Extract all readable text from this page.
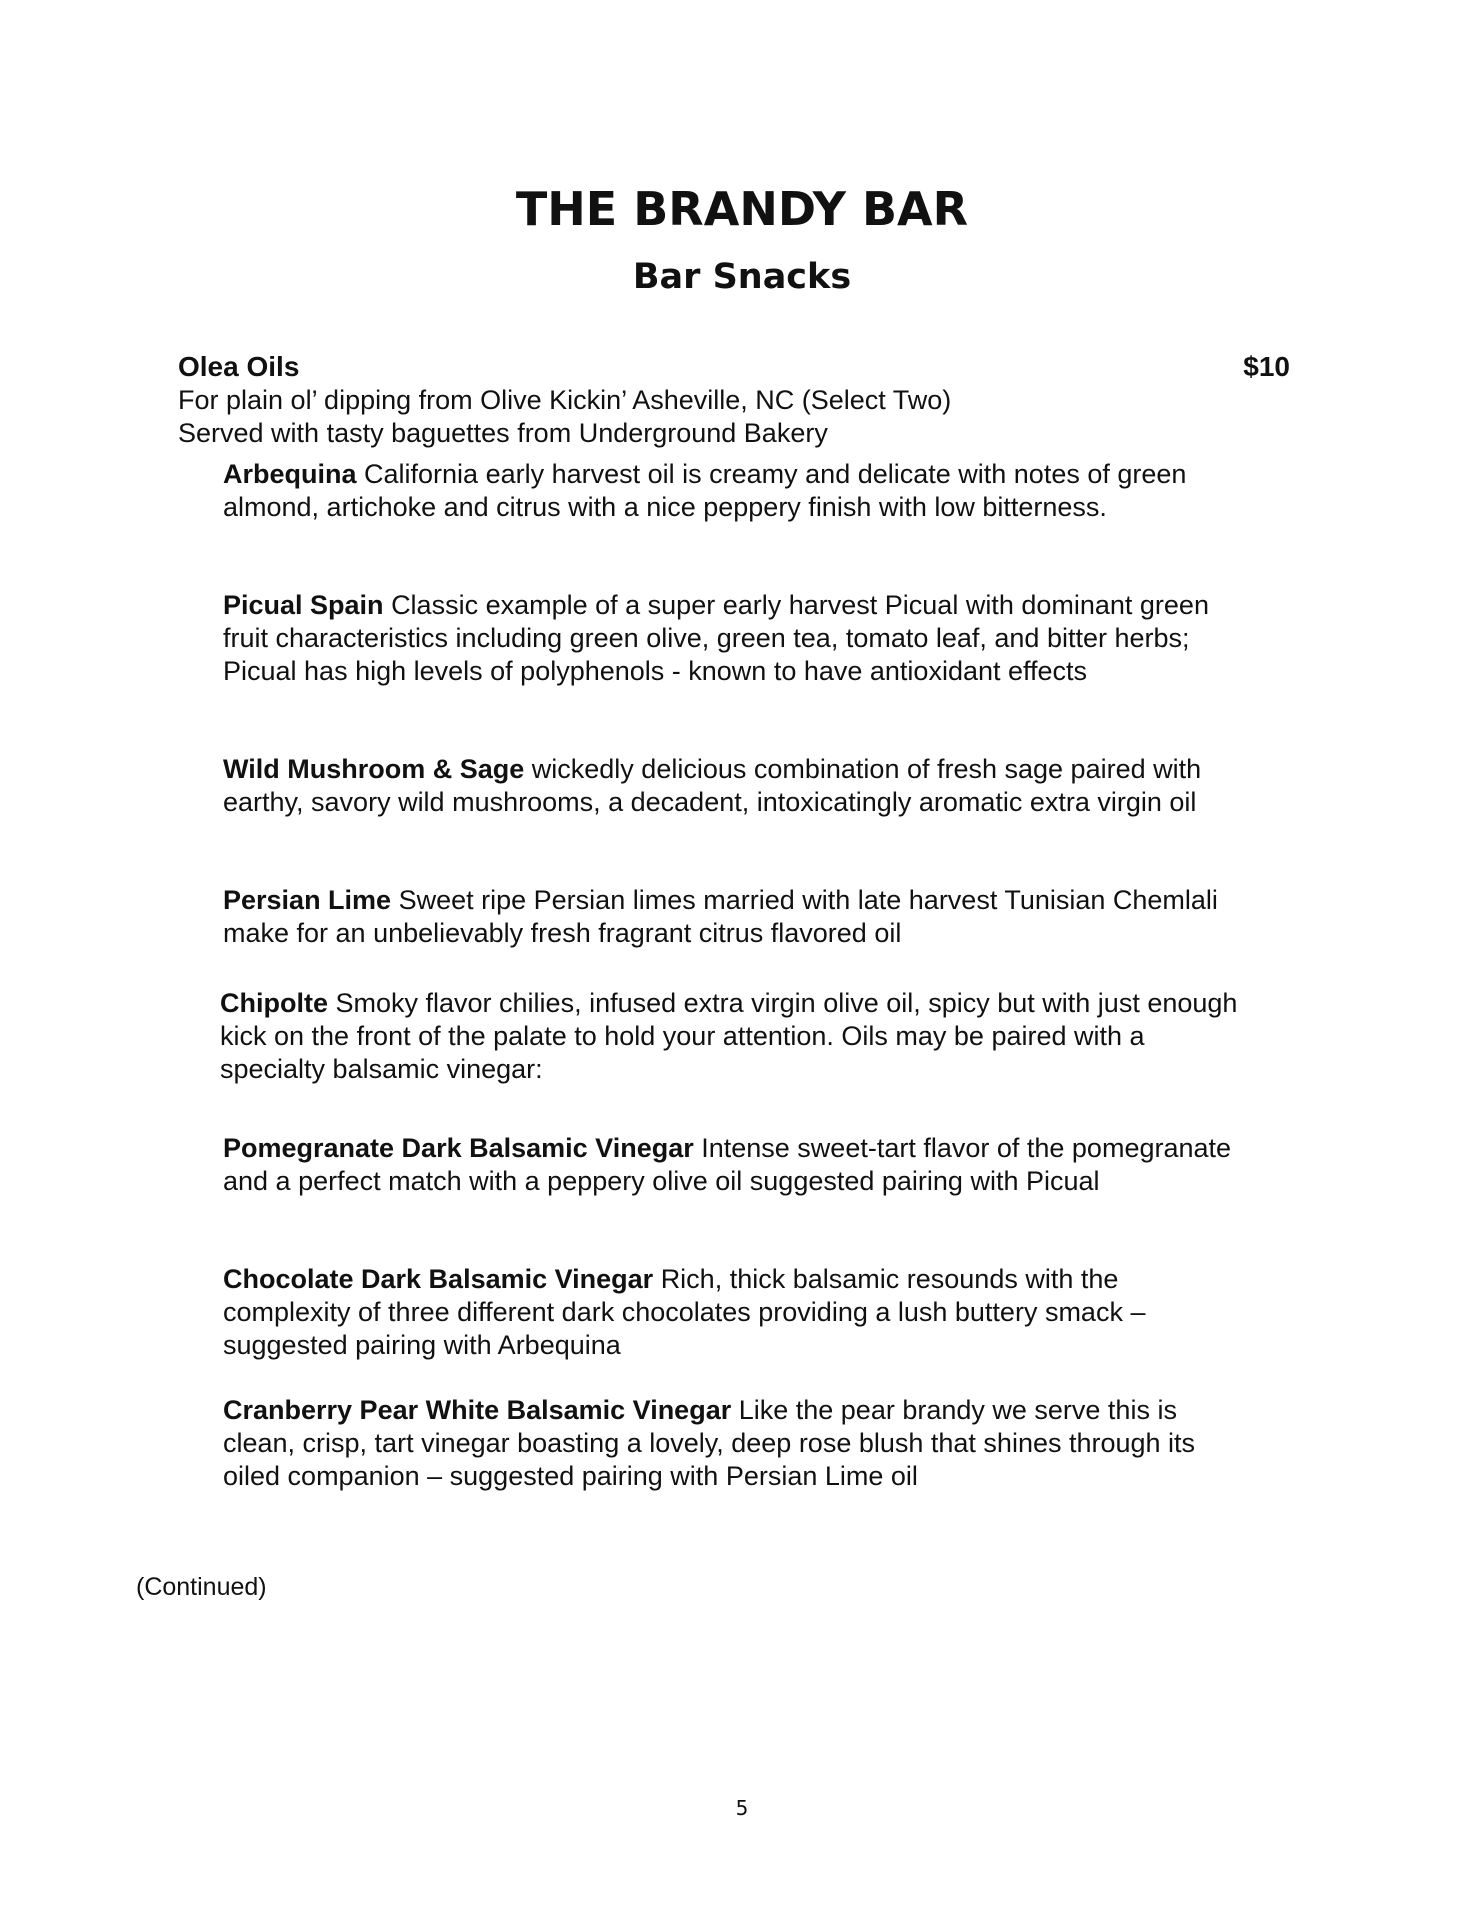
THE BRANDY BAR
Bar Snacks
Olea Oils	$10
For plain ol’ dipping from Olive Kickin’ Asheville, NC (Select Two)
Served with tasty baguettes from Underground Bakery
Arbequina California early harvest oil is creamy and delicate with notes of green almond, artichoke and citrus with a nice peppery finish with low bitterness.
Picual Spain Classic example of a super early harvest Picual with dominant green fruit characteristics including green olive, green tea, tomato leaf, and bitter herbs; Picual has high levels of polyphenols - known to have antioxidant effects
Wild Mushroom & Sage wickedly delicious combination of fresh sage paired with earthy, savory wild mushrooms, a decadent, intoxicatingly aromatic extra virgin oil
Persian Lime Sweet ripe Persian limes married with late harvest Tunisian Chemlali make for an unbelievably fresh fragrant citrus flavored oil
Chipolte Smoky flavor chilies, infused extra virgin olive oil, spicy but with just enough kick on the front of the palate to hold your attention. Oils may be paired with a specialty balsamic vinegar:
Pomegranate Dark Balsamic Vinegar Intense sweet-tart flavor of the pomegranate and a perfect match with a peppery olive oil suggested pairing with Picual
Chocolate Dark Balsamic Vinegar Rich, thick balsamic resounds with the complexity of three different dark chocolates providing a lush buttery smack – suggested pairing with Arbequina
Cranberry Pear White Balsamic Vinegar Like the pear brandy we serve this is clean, crisp, tart vinegar boasting a lovely, deep rose blush that shines through its oiled companion – suggested pairing with Persian Lime oil
(Continued)
5
